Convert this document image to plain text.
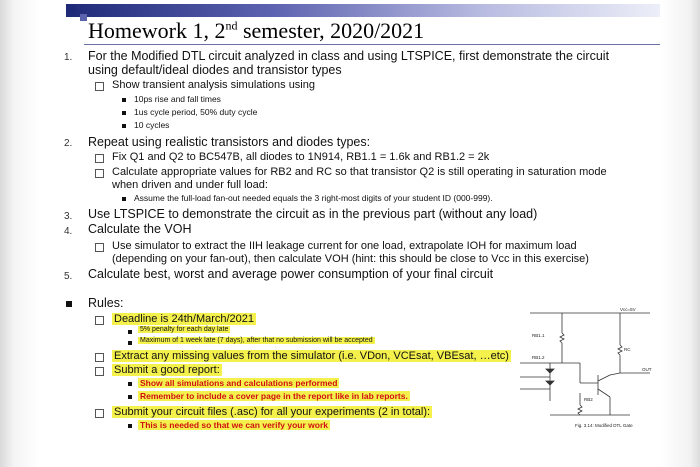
Homework 1, 2nd semester, 2020/2021
1. For the Modified DTL circuit analyzed in class and using LTSPICE, first demonstrate the circuit
using default/ideal diodes and transistor types
Show transient analysis simulations using
10ps rise and fall times
1us cycle period, 50% duty cycle
10 cycles
2. Repeat using realistic transistors and diodes types:
Fix Q1 and Q2 to BC547B, all diodes to 1N914, RB1.1 = 1.6k and RB1.2 = 2k
Calculate appropriate values for RB2 and RC so that transistor Q2 is still operating in saturation mode
when driven and under full load:
Assume the full-load fan-out needed equals the 3 right-most digits of your student ID (000-999).
3. Use LTSPICE to demonstrate the circuit as in the previous part (without any load)
4. Calculate the VOH
Use simulator to extract the IIH leakage current for one load, extrapolate IOH for maximum load
(depending on your fan-out), then calculate VOH (hint: this should be close to Vcc in this exercise)
5. Calculate best, worst and average power consumption of your final circuit
Rules:
Deadline is 24th/March/2021
5% penalty for each day late
Maximum of 1 week late (7 days), after that no submission will be accepted
Extract any missing values from the simulator (i.e. VDon, VCEsat, VBEsat, …etc)
Submit a good report:
Show all simulations and calculations performed
Remember to include a cover page in the report like in lab reports.
Submit your circuit files (.asc) for all your experiments (2 in total):
This is needed so that we can verify your work
Vcc=5V
RB1.1
RB1.2
RB2
RC
OUT
Fig. 3.14: Modified DTL Gate
